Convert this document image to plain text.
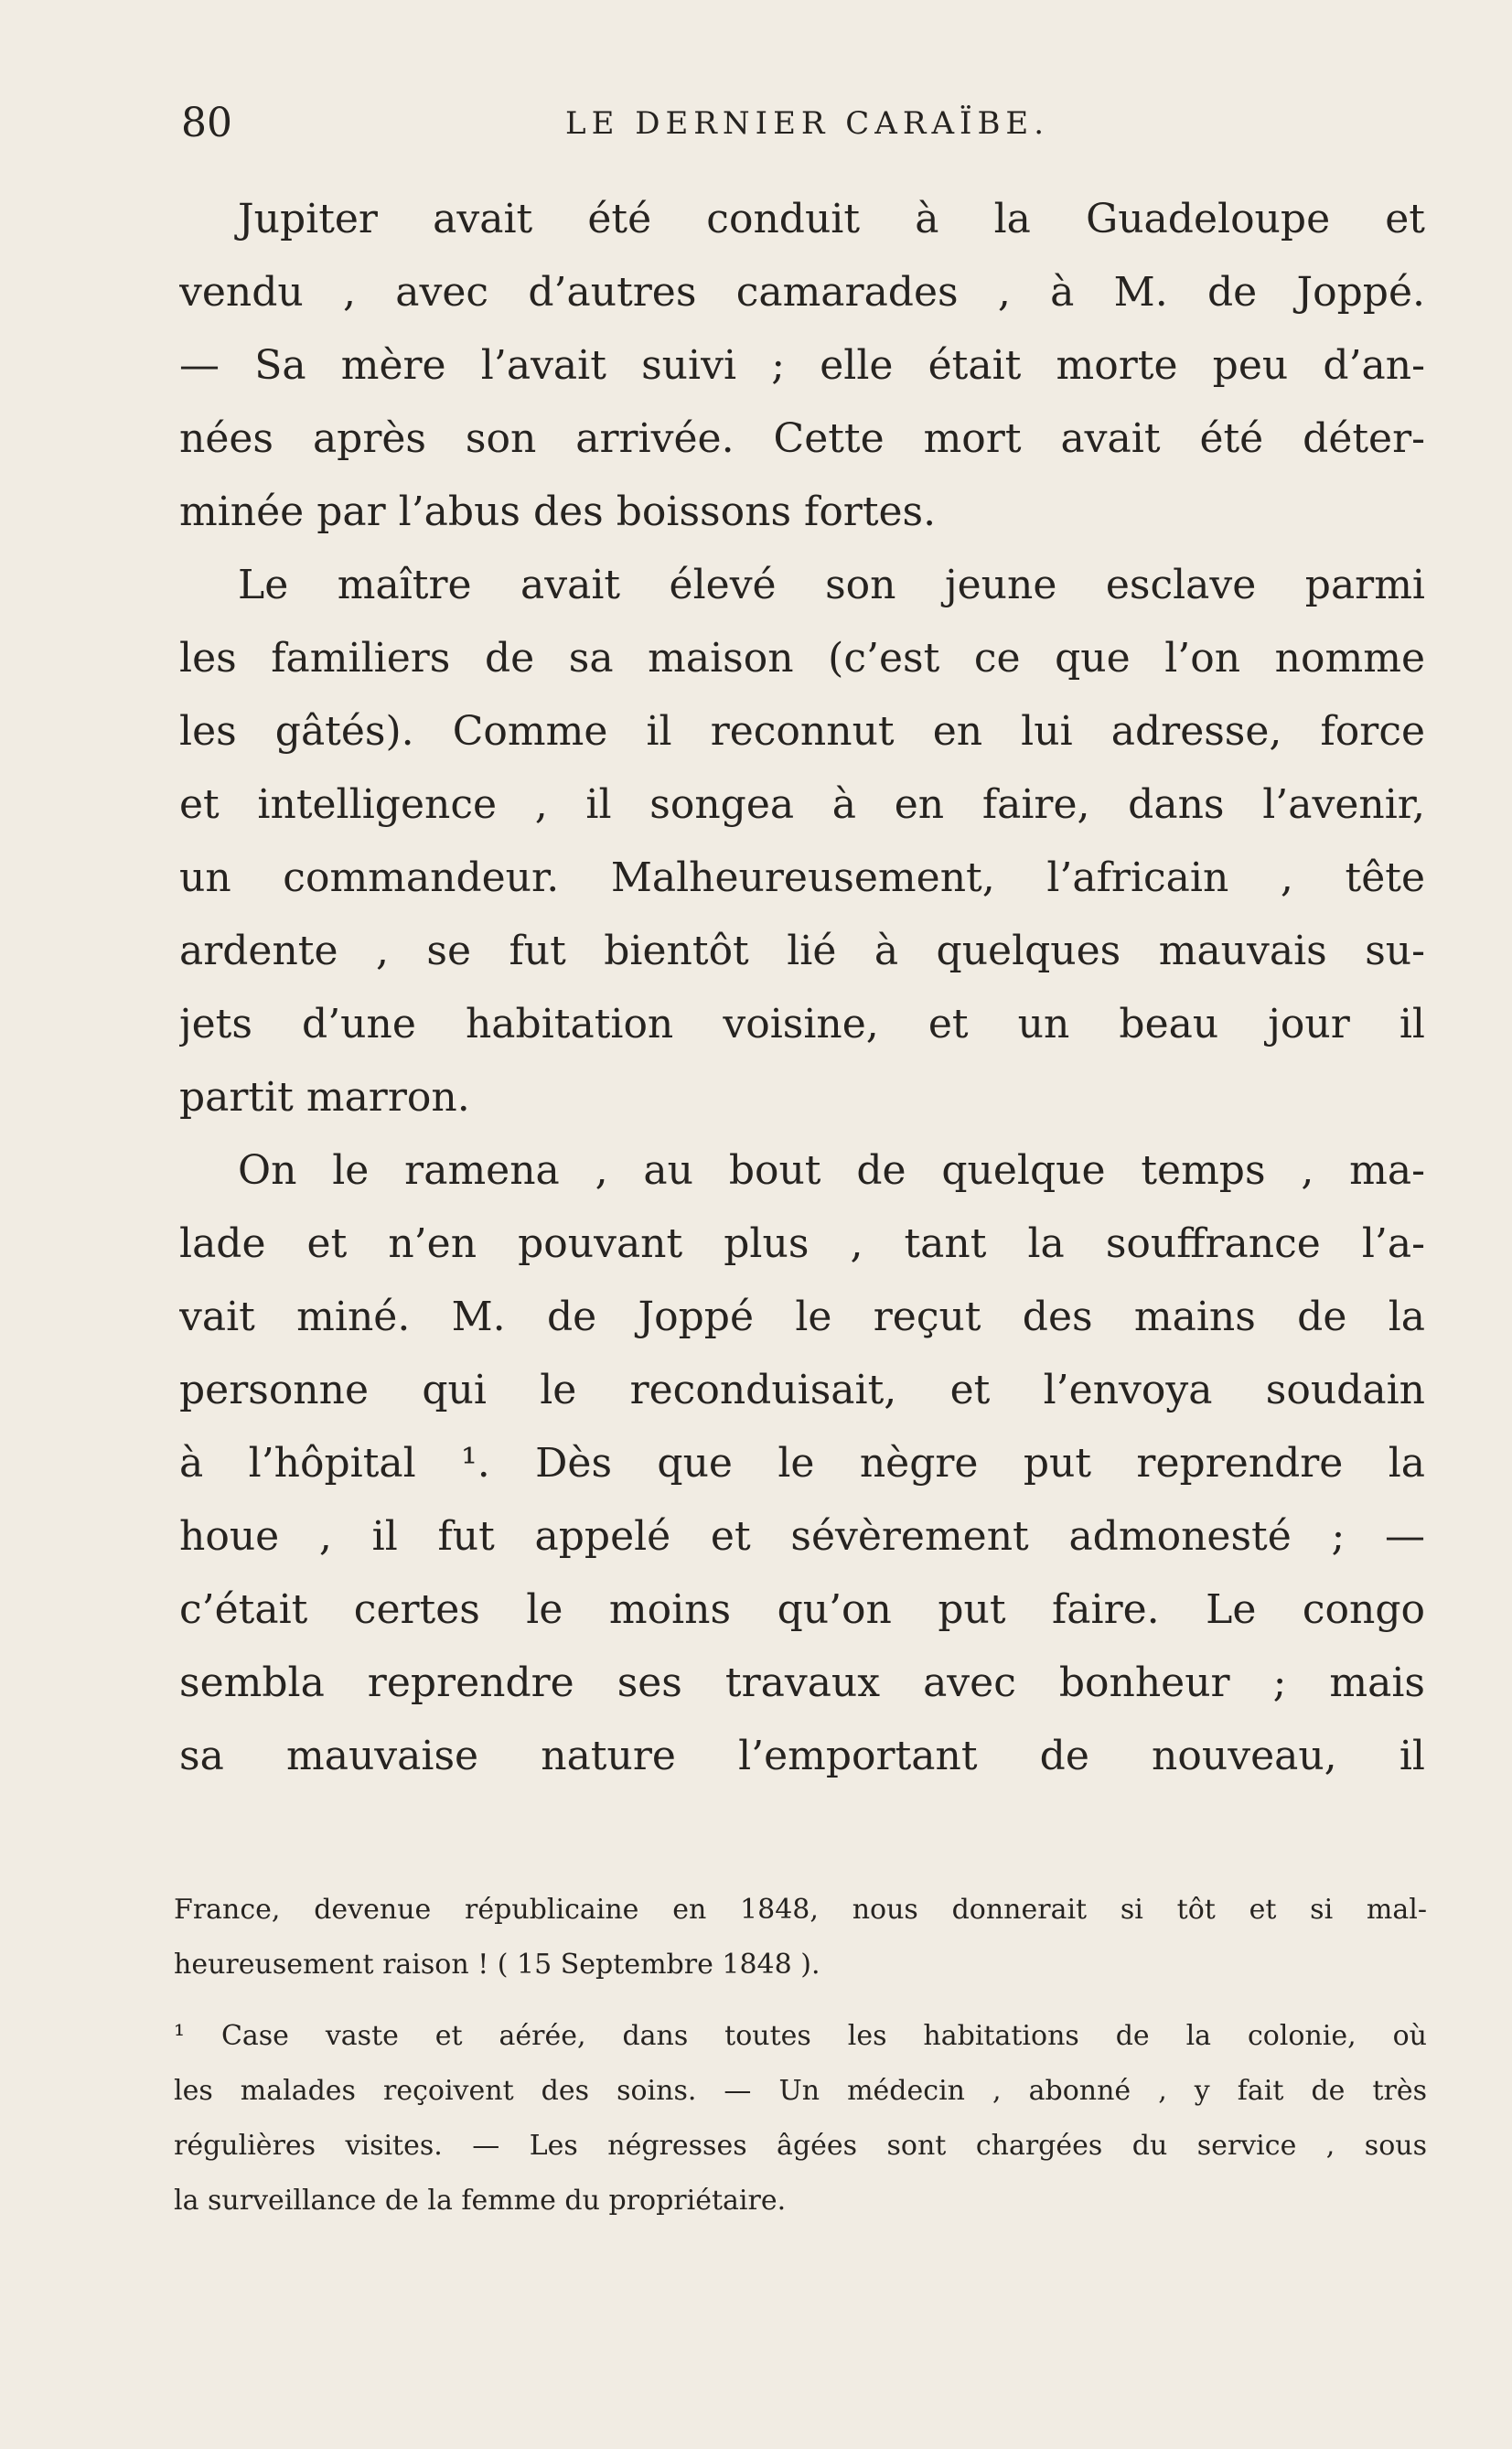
80	LE DERNIER CARAÏBE.
Jupiter avait été conduit à la Guadeloupe et
vendu , avec d’autres camarades , à M. de Joppé.
— Sa mère l’avait suivi ; elle était morte peu d’an-
nées après son arrivée. Cette mort avait été déter-
minée par l’abus des boissons fortes.
Le maître avait élevé son jeune esclave parmi
les familiers de sa maison (c’est ce que l’on nomme
les gâtés). Comme il reconnut en lui adresse, force
et intelligence , il songea à en faire, dans l’avenir,
un commandeur. Malheureusement, l’africain , tête
ardente , se fut bientôt lié à quelques mauvais su-
jets d’une habitation voisine, et un beau jour il
partit marron.
On le ramena , au bout de quelque temps , ma-
lade et n’en pouvant plus , tant la souffrance l’a-
vait miné. M. de Joppé le reçut des mains de la
personne qui le reconduisait, et l’envoya soudain
à l’hôpital ¹. Dès que le nègre put reprendre la
houe , il fut appelé et sévèrement admonesté ; —
c’était certes le moins qu’on put faire. Le congo
sembla reprendre ses travaux avec bonheur ; mais
sa mauvaise nature l’emportant de nouveau, il
France, devenue républicaine en 1848, nous donnerait si tôt et si mal-
heureusement raison ! ( 15 Septembre 1848 ).
¹ Case vaste et aérée, dans toutes les habitations de la colonie, où
les malades reçoivent des soins. — Un médecin , abonné , y fait de très
régulières visites. — Les négresses âgées sont chargées du service , sous
la surveillance de la femme du propriétaire.
